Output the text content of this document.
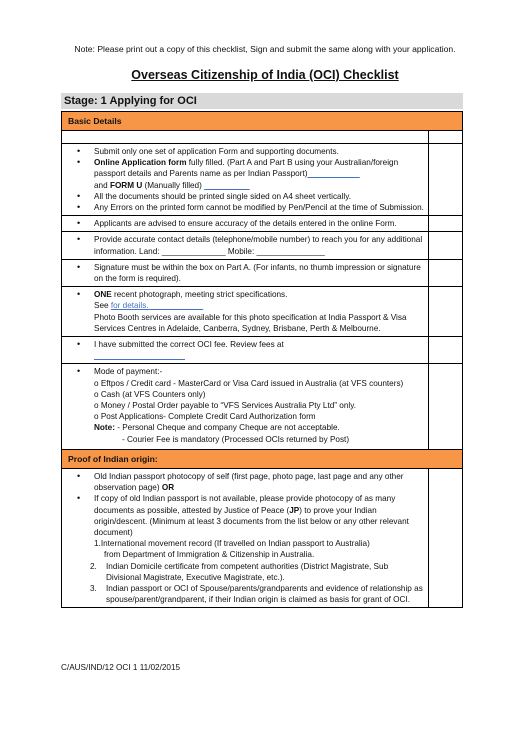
Note: Please print out a copy of this checklist, Sign and submit the same along with your application.
Overseas Citizenship of India (OCI) Checklist
Stage: 1 Applying for OCI
Basic Details
• Submit only one set of application Form and supporting documents.
• Online Application form fully filled. (Part A and Part B using your Australian/foreign passport details and Parents name as per Indian Passport)
and FORM U (Manually filled)
• All the documents should be printed single sided on A4 sheet vertically.
• Any Errors on the printed form cannot be modified by Pen/Pencil at the time of Submission.
• Applicants are advised to ensure accuracy of the details entered in the online Form.
• Provide accurate contact details (telephone/mobile number) to reach you for any additional information. Land: ______________ Mobile: _______________
• Signature must be within the box on Part A. (For infants, no thumb impression or signature on the form is required).
• ONE recent photograph, meeting strict specifications.
See for details.
Photo Booth services are available for this photo specification at India Passport & Visa Services Centres in Adelaide, Canberra, Sydney, Brisbane, Perth & Melbourne.
• I have submitted the correct OCI fee. Review fees at

• Mode of payment:-
o Eftpos / Credit card - MasterCard or Visa Card issued in Australia (at VFS counters)
o Cash (at VFS Counters only)
o Money / Postal Order payable to “VFS Services Australia Pty Ltd” only.
o Post Applications- Complete Credit Card Authorization form
Note: - Personal Cheque and company Cheque are not acceptable.
- Courier Fee is mandatory (Processed OCIs returned by Post)
Proof of Indian origin:
• Old Indian passport photocopy of self (first page, photo page, last page and any other observation page) OR
• If copy of old Indian passport is not available, please provide photocopy of as many documents as possible, attested by Justice of Peace (JP) to prove your Indian origin/descent. (Minimum at least 3 documents from the list below or any other relevant document)
1.International movement record (If travelled on Indian passport to Australia)
from Department of Immigration & Citizenship in Australia.
2. Indian Domicile certificate from competent authorities (District Magistrate, Sub Divisional Magistrate, Executive Magistrate, etc.).
3. Indian passport or OCI of Spouse/parents/grandparents and evidence of relationship as spouse/parent/grandparent, if their Indian origin is claimed as basis for grant of OCI.
C/AUS/IND/12 OCI 1 11/02/2015
